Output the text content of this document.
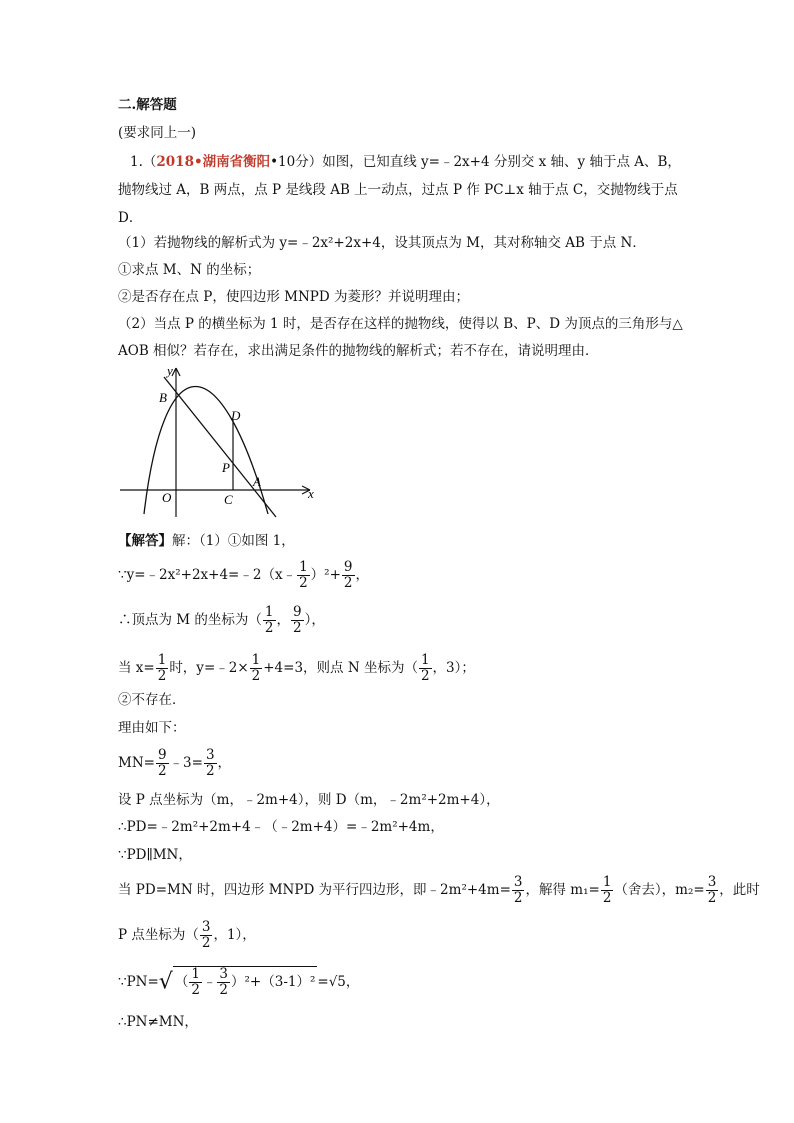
二.解答题
(要求同上一)
1.（2018•湖南省衡阳•10分）如图，已知直线 y=﹣2x+4 分别交 x 轴、y 轴于点 A、B，
抛物线过 A，B 两点，点 P 是线段 AB 上一动点，过点 P 作 PC⊥x 轴于点 C，交抛物线于点
D．
（1）若抛物线的解析式为 y=﹣2x²+2x+4，设其顶点为 M，其对称轴交 AB 于点 N．
①求点 M、N 的坐标；
②是否存在点 P，使四边形 MNPD 为菱形？并说明理由；
（2）当点 P 的横坐标为 1 时，是否存在这样的抛物线，使得以 B、P、D 为顶点的三角形与△
AOB 相似？若存在，求出满足条件的抛物线的解析式；若不存在，请说明理由．
y
x
B
D
P
A
O	C
【解答】解：（1）①如图 1，
∵y=﹣2x²+2x+4=﹣2（x﹣ $\frac{1}{2} )^2+ \frac{9}{2}$ ，
∴顶点为 M 的坐标为（ $\frac{1}{2}$ ， $\frac{9}{2}$ ），
当 $x= \frac{1}{2}$ 时，y=﹣2× $\frac{1}{2} +4=3$，则点 N 坐标为（ $\frac{1}{2}$ ，3）；
②不存在．
理由如下：
$MN= \frac{9}{2}$ ﹣3= $\frac{3}{2}$ ，
设 P 点坐标为（m，﹣2m+4），则 D（m，﹣2m²+2m+4），
∴PD=﹣2m²+2m+4﹣（﹣2m+4）=﹣2m²+4m，
∵PD∥MN，
当 PD=MN 时，四边形 MNPD 为平行四边形，即﹣2m²+4m= $\frac{3}{2}$ ，解得 $m_1= \frac{1}{2}$ （舍去），$m_2= \frac{3}{2}$ ，此时
P 点坐标为（ $\frac{3}{2}$ ，1），
∵PN=√ （ $\frac{1}{2}$ ﹣ $\frac{3}{2} )^2+(3-1)^2 =√5$，
∴PN≠MN，
